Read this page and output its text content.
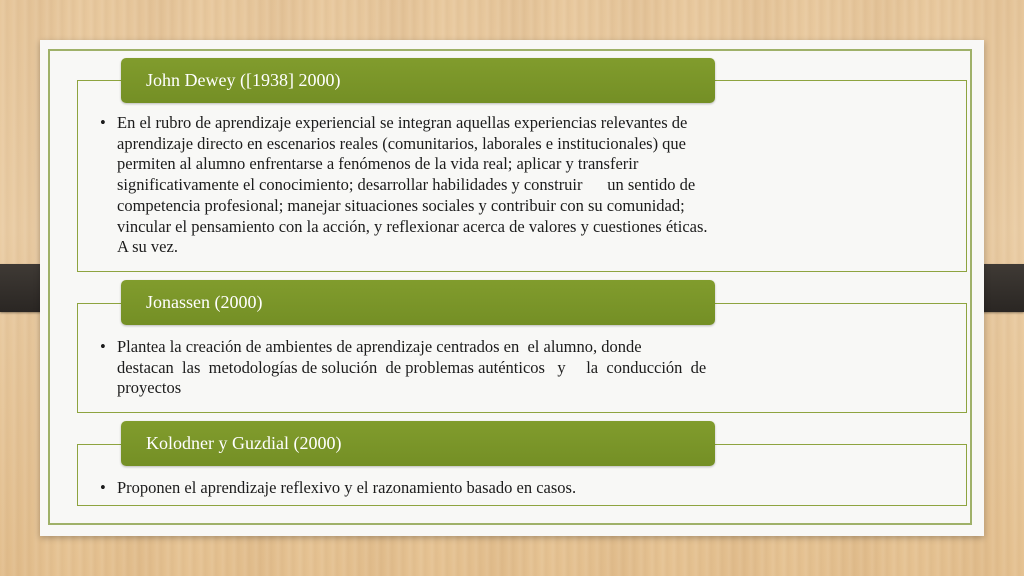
• En el rubro de aprendizaje experiencial se integran aquellas experiencias relevantes de
aprendizaje directo en escenarios reales (comunitarios, laborales e institucionales) que
permiten al alumno enfrentarse a fenómenos de la vida real; aplicar y transferir
significativamente el conocimiento; desarrollar habilidades y construir      un sentido de
competencia profesional; manejar situaciones sociales y contribuir con su comunidad;
vincular el pensamiento con la acción, y reflexionar acerca de valores y cuestiones éticas.
A su vez.
John Dewey ([1938] 2000)
• Plantea la creación de ambientes de aprendizaje centrados en  el alumno, donde
destacan  las  metodologías de solución  de problemas auténticos   y     la  conducción  de
proyectos
Jonassen (2000)
• Proponen el aprendizaje reflexivo y el razonamiento basado en casos.
Kolodner y Guzdial (2000)
